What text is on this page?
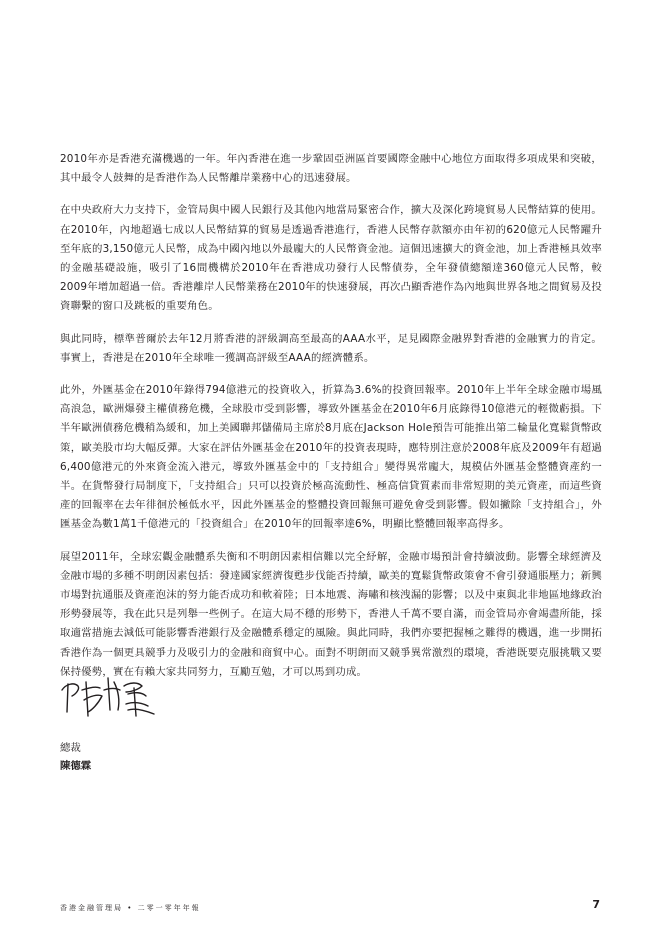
2010年亦是香港充滿機遇的一年。年內香港在進一步鞏固亞洲區首要國際金融中心地位方面取得多項成果和突破，其中最令人鼓舞的是香港作為人民幣離岸業務中心的迅速發展。

在中央政府大力支持下，金管局與中國人民銀行及其他內地當局緊密合作，擴大及深化跨境貿易人民幣結算的使用。在2010年，內地超過七成以人民幣結算的貿易是透過香港進行，香港人民幣存款額亦由年初的620億元人民幣躍升至年底的3,150億元人民幣，成為中國內地以外最龐大的人民幣資金池。這個迅速擴大的資金池，加上香港極具效率的金融基礎設施，吸引了16間機構於2010年在香港成功發行人民幣債券，全年發債總額達360億元人民幣，較2009年增加超過一倍。香港離岸人民幣業務在2010年的快速發展，再次凸顯香港作為內地與世界各地之間貿易及投資聯繫的窗口及跳板的重要角色。

與此同時，標準普爾於去年12月將香港的評級調高至最高的AAA水平，足見國際金融界對香港的金融實力的肯定。事實上，香港是在2010年全球唯一獲調高評級至AAA的經濟體系。

此外，外匯基金在2010年錄得794億港元的投資收入，折算為3.6%的投資回報率。2010年上半年全球金融市場風高浪急，歐洲爆發主權債務危機，全球股市受到影響，導致外匯基金在2010年6月底錄得10億港元的輕微虧損。下半年歐洲債務危機稍為緩和，加上美國聯邦儲備局主席於8月底在Jackson Hole預告可能推出第二輪量化寬鬆貨幣政策，歐美股市均大幅反彈。大家在評估外匯基金在2010年的投資表現時，應特別注意於2008年底及2009年有超過6,400億港元的外來資金流入港元，導致外匯基金中的「支持組合」變得異常龐大，規模佔外匯基金整體資產約一半。在貨幣發行局制度下，「支持組合」只可以投資於極高流動性、極高信貸質素而非常短期的美元資產，而這些資產的回報率在去年徘徊於極低水平，因此外匯基金的整體投資回報無可避免會受到影響。假如撇除「支持組合」，外匯基金為數1萬1千億港元的「投資組合」在2010年的回報率達6%，明顯比整體回報率高得多。

展望2011年，全球宏觀金融體系失衡和不明朗因素相信難以完全紓解，金融市場預計會持續波動。影響全球經濟及金融市場的多種不明朗因素包括：發達國家經濟復甦步伐能否持續，歐美的寬鬆貨幣政策會不會引發通脹壓力；新興市場對抗通脹及資產泡沫的努力能否成功和軟着陸；日本地震、海嘯和核洩漏的影響；以及中東與北非地區地緣政治形勢發展等，我在此只是列舉一些例子。在這大局不穩的形勢下，香港人千萬不要自滿，而金管局亦會竭盡所能，採取適當措施去減低可能影響香港銀行及金融體系穩定的風險。與此同時，我們亦要把握極之難得的機遇，進一步開拓香港作為一個更具競爭力及吸引力的金融和商貿中心。面對不明朗而又競爭異常激烈的環境，香港既要克服挑戰又要保持優勢，實在有賴大家共同努力，互勵互勉，才可以馬到功成。

總裁
陳德霖
香港金融管理局 • 二零一零年年報	7
